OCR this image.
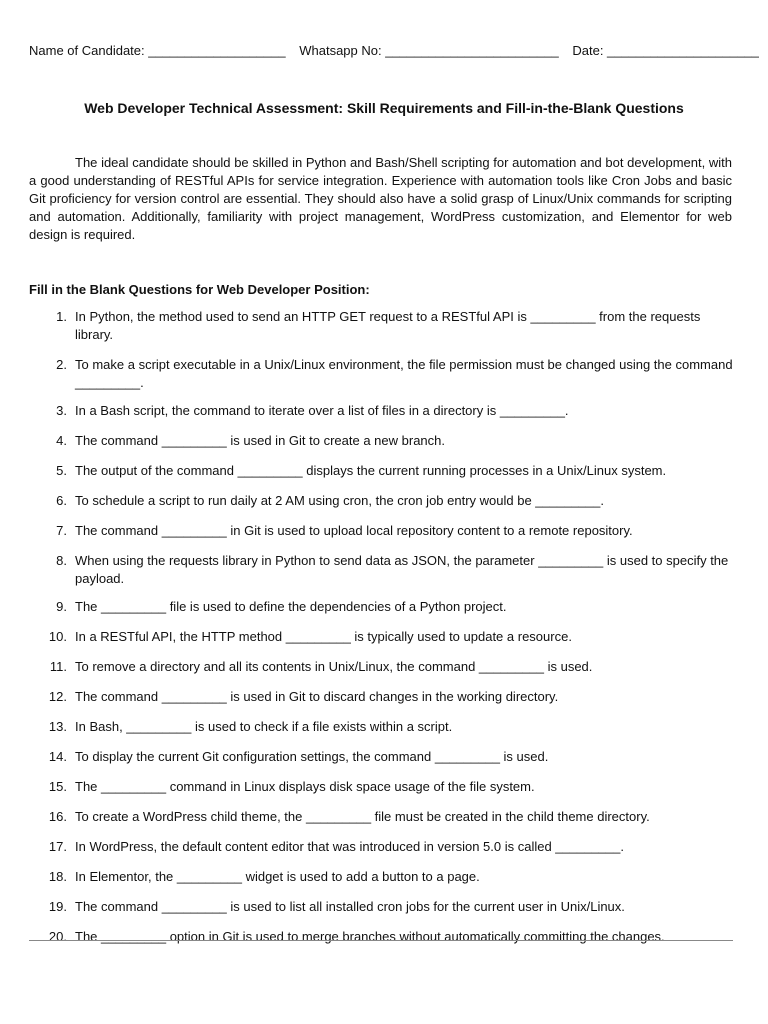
Name of Candidate: ___________________ Whatsapp No: ________________________ Date: _____________________
Web Developer Technical Assessment: Skill Requirements and Fill-in-the-Blank Questions

The ideal candidate should be skilled in Python and Bash/Shell scripting for automation and bot development, with a good understanding of RESTful APIs for service integration. Experience with automation tools like Cron Jobs and basic Git proficiency for version control are essential. They should also have a solid grasp of Linux/Unix commands for scripting and automation. Additionally, familiarity with project management, WordPress customization, and Elementor for web design is required.

Fill in the Blank Questions for Web Developer Position:
1. In Python, the method used to send an HTTP GET request to a RESTful API is _________ from the requests library.
2. To make a script executable in a Unix/Linux environment, the file permission must be changed using the command _________.
3. In a Bash script, the command to iterate over a list of files in a directory is _________.
4. The command _________ is used in Git to create a new branch.
5. The output of the command _________ displays the current running processes in a Unix/Linux system.
6. To schedule a script to run daily at 2 AM using cron, the cron job entry would be _________.
7. The command _________ in Git is used to upload local repository content to a remote repository.
8. When using the requests library in Python to send data as JSON, the parameter _________ is used to specify the payload.
9. The _________ file is used to define the dependencies of a Python project.
10. In a RESTful API, the HTTP method _________ is typically used to update a resource.
11. To remove a directory and all its contents in Unix/Linux, the command _________ is used.
12. The command _________ is used in Git to discard changes in the working directory.
13. In Bash, _________ is used to check if a file exists within a script.
14. To display the current Git configuration settings, the command _________ is used.
15. The _________ command in Linux displays disk space usage of the file system.
16. To create a WordPress child theme, the _________ file must be created in the child theme directory.
17. In WordPress, the default content editor that was introduced in version 5.0 is called _________.
18. In Elementor, the _________ widget is used to add a button to a page.
19. The command _________ is used to list all installed cron jobs for the current user in Unix/Linux.
20. The _________ option in Git is used to merge branches without automatically committing the changes.
